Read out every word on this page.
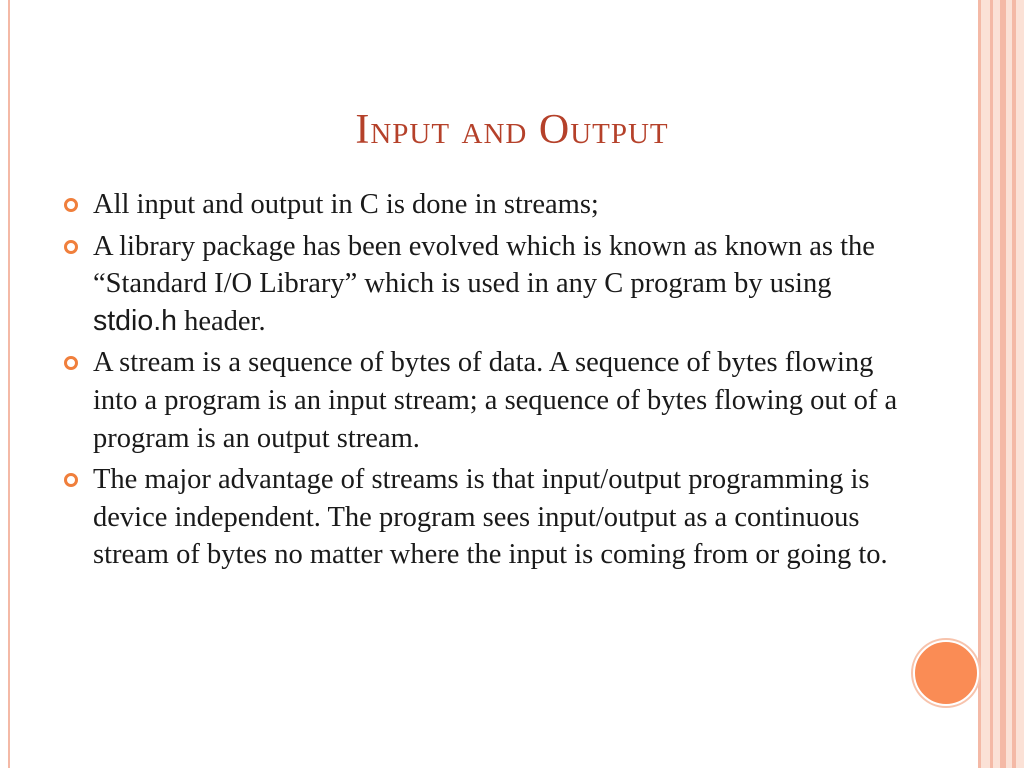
Input and Output
All input and output in C is done in streams;
A library package has been evolved which is known as known as the “Standard I/O Library” which is used in any C program by using stdio.h header.
A stream is a sequence of bytes of data. A sequence of bytes flowing into a program is an input stream; a sequence of bytes flowing out of a program is an output stream.
The major advantage of streams is that input/output programming is device independent. The program sees input/output as a continuous stream of bytes no matter where the input is coming from or going to.
